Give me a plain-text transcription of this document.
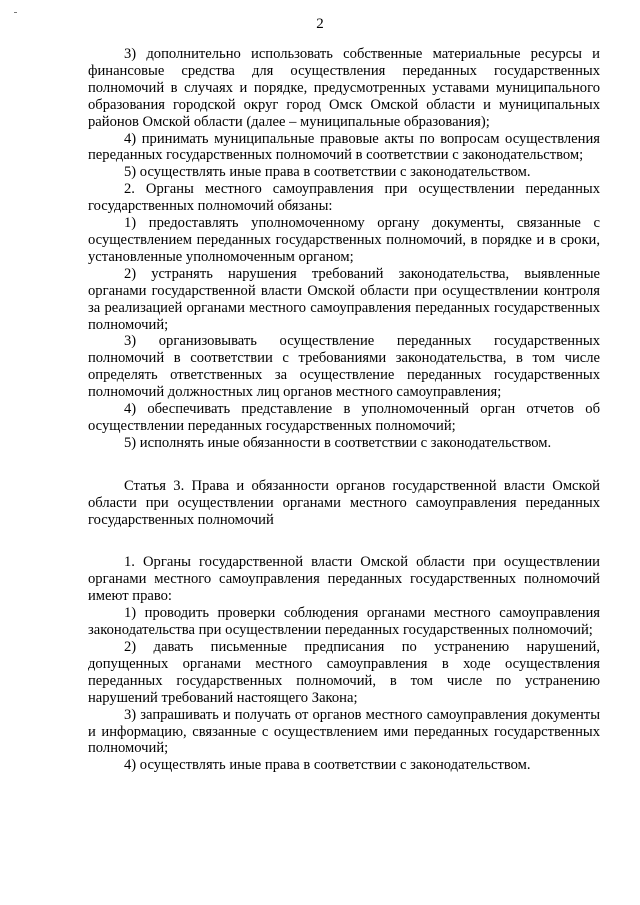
2

3) дополнительно использовать собственные материальные ресурсы и финансовые средства для осуществления переданных государственных полномочий в случаях и порядке, предусмотренных уставами муниципального образования городской округ город Омск Омской области и муниципальных районов Омской области (далее – муниципальные образования);

4) принимать муниципальные правовые акты по вопросам осуществления переданных государственных полномочий в соответствии с законодательством;

5) осуществлять иные права в соответствии с законодательством.

2. Органы местного самоуправления при осуществлении переданных государственных полномочий обязаны:

1) предоставлять уполномоченному органу документы, связанные с осуществлением переданных государственных полномочий, в порядке и в сроки, установленные уполномоченным органом;

2) устранять нарушения требований законодательства, выявленные органами государственной власти Омской области при осуществлении контроля за реализацией органами местного самоуправления переданных государственных полномочий;

3) организовывать осуществление переданных государственных полномочий в соответствии с требованиями законодательства, в том числе определять ответственных за осуществление переданных государственных полномочий должностных лиц органов местного самоуправления;

4) обеспечивать представление в уполномоченный орган отчетов об осуществлении переданных государственных полномочий;

5) исполнять иные обязанности в соответствии с законодательством.

Статья 3. Права и обязанности органов государственной власти Омской области при осуществлении органами местного самоуправления переданных государственных полномочий

1. Органы государственной власти Омской области при осуществлении органами местного самоуправления переданных государственных полномочий имеют право:

1) проводить проверки соблюдения органами местного самоуправления законодательства при осуществлении переданных государственных полномочий;

2) давать письменные предписания по устранению нарушений, допущенных органами местного самоуправления в ходе осуществления переданных государственных полномочий, в том числе по устранению нарушений требований настоящего Закона;

3) запрашивать и получать от органов местного самоуправления документы и информацию, связанные с осуществлением ими переданных государственных полномочий;

4) осуществлять иные права в соответствии с законодательством.
